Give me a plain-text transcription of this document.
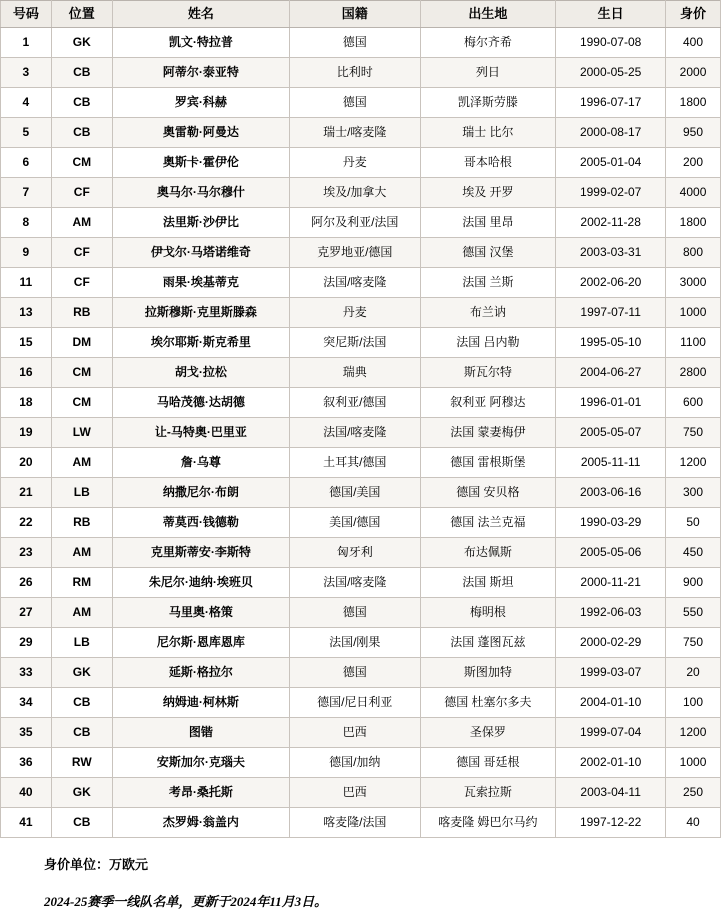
号码	位置	姓名	国籍	出生地	生日	身价
1	GK	凯文·特拉普	德国	梅尔齐希	1990-07-08	400
3	CB	阿蒂尔·泰亚特	比利时	列日	2000-05-25	2000
4	CB	罗宾·科赫	德国	凯泽斯劳滕	1996-07-17	1800
5	CB	奥雷勒·阿曼达	瑞士/喀麦隆	瑞士 比尔	2000-08-17	950
6	CM	奥斯卡·霍伊伦	丹麦	哥本哈根	2005-01-04	200
7	CF	奥马尔·马尔穆什	埃及/加拿大	埃及 开罗	1999-02-07	4000
8	AM	法里斯·沙伊比	阿尔及利亚/法国	法国 里昂	2002-11-28	1800
9	CF	伊戈尔·马塔诺维奇	克罗地亚/德国	德国 汉堡	2003-03-31	800
11	CF	雨果·埃基蒂克	法国/喀麦隆	法国 兰斯	2002-06-20	3000
13	RB	拉斯穆斯·克里斯滕森	丹麦	布兰讷	1997-07-11	1000
15	DM	埃尔耶斯·斯克希里	突尼斯/法国	法国 吕内勒	1995-05-10	1100
16	CM	胡戈·拉松	瑞典	斯瓦尔特	2004-06-27	2800
18	CM	马哈茂德·达胡德	叙利亚/德国	叙利亚 阿穆达	1996-01-01	600
19	LW	让-马特奥·巴里亚	法国/喀麦隆	法国 蒙妻梅伊	2005-05-07	750
20	AM	詹·乌尊	土耳其/德国	德国 雷根斯堡	2005-11-11	1200
21	LB	纳撒尼尔·布朗	德国/美国	德国 安贝格	2003-06-16	300
22	RB	蒂莫西·钱德勒	美国/德国	德国 法兰克福	1990-03-29	50
23	AM	克里斯蒂安·李斯特	匈牙利	布达佩斯	2005-05-06	450
26	RM	朱尼尔·迪纳·埃班贝	法国/喀麦隆	法国 斯坦	2000-11-21	900
27	AM	马里奥·格策	德国	梅明根	1992-06-03	550
29	LB	尼尔斯·恩库恩库	法国/刚果	法国 蓬图瓦兹	2000-02-29	750
33	GK	延斯·格拉尔	德国	斯图加特	1999-03-07	20
34	CB	纳姆迪·柯林斯	德国/尼日利亚	德国 杜塞尔多夫	2004-01-10	100
35	CB	图锴	巴西	圣保罗	1999-07-04	1200
36	RW	安斯加尔·克瑙夫	德国/加纳	德国 哥廷根	2002-01-10	1000
40	GK	考昂·桑托斯	巴西	瓦索拉斯	2003-04-11	250
41	CB	杰罗姆·翁盖内	喀麦隆/法国	喀麦隆 姆巴尔马约	1997-12-22	40
身价单位：万欧元
2024-25赛季一线队名单，更新于2024年11月3日。
